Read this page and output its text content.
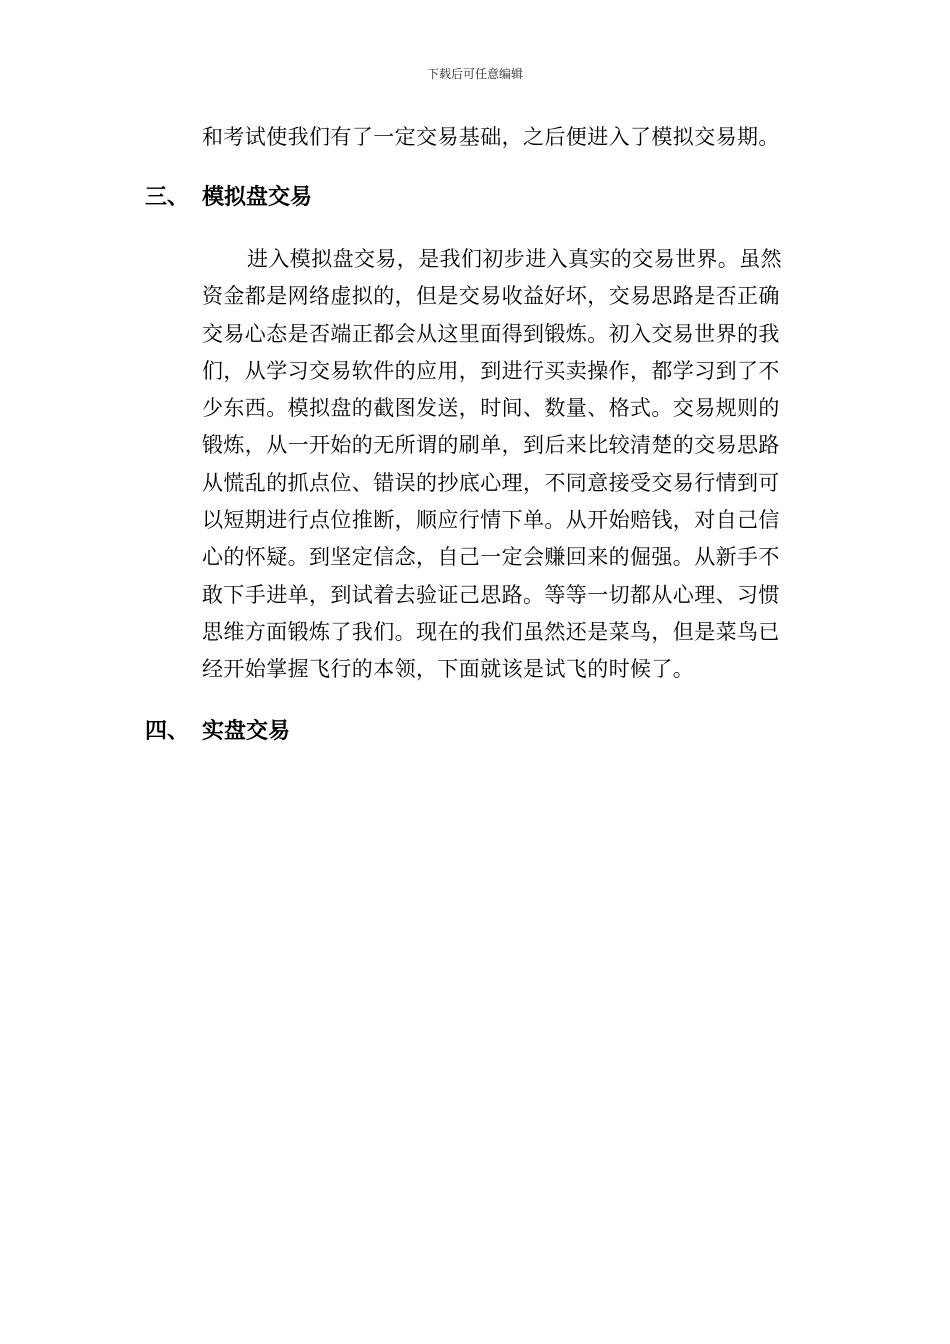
下载后可任意编辑
和考试使我们有了一定交易基础，之后便进入了模拟交易期。
三、 模拟盘交易
进入模拟盘交易，是我们初步进入真实的交易世界。虽然
资金都是网络虚拟的，但是交易收益好坏，交易思路是否正确
交易心态是否端正都会从这里面得到锻炼。初入交易世界的我
们，从学习交易软件的应用，到进行买卖操作，都学习到了不
少东西。模拟盘的截图发送，时间、数量、格式。交易规则的
锻炼，从一开始的无所谓的刷单，到后来比较清楚的交易思路
从慌乱的抓点位、错误的抄底心理，不同意接受交易行情到可
以短期进行点位推断，顺应行情下单。从开始赔钱，对自己信
心的怀疑。到坚定信念，自己一定会赚回来的倔强。从新手不
敢下手进单，到试着去验证己思路。等等一切都从心理、习惯
思维方面锻炼了我们。现在的我们虽然还是菜鸟，但是菜鸟已
经开始掌握飞行的本领，下面就该是试飞的时候了。
四、 实盘交易
